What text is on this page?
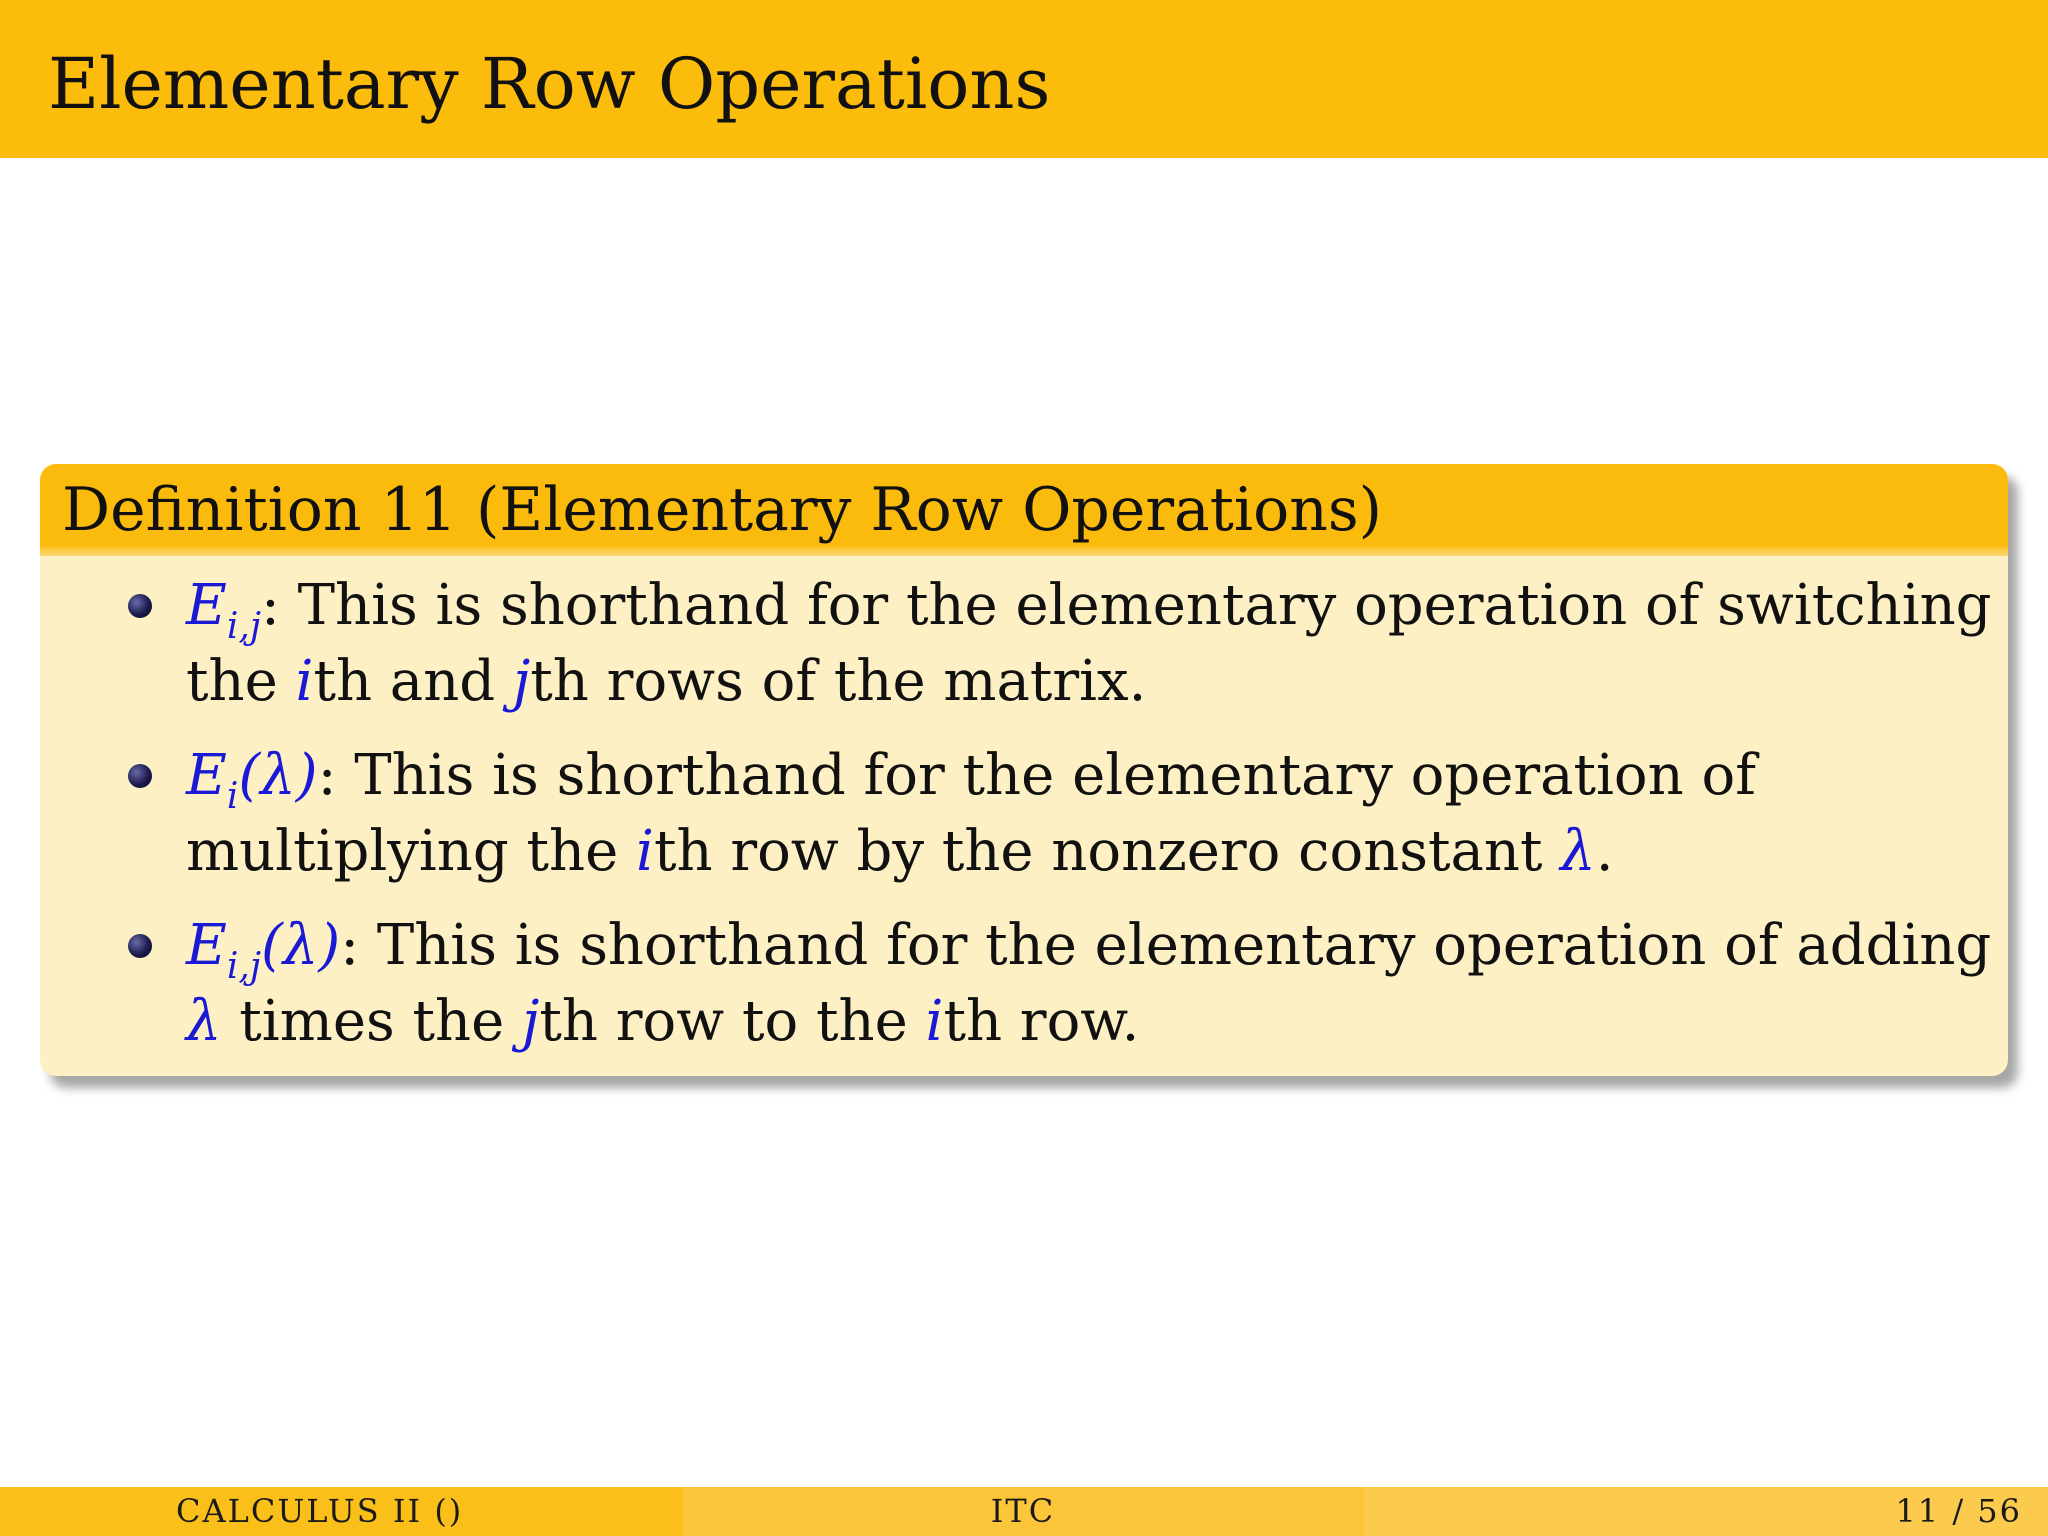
Elementary Row Operations
Definition 11 (Elementary Row Operations)
$E_{i,j}$: This is shorthand for the elementary operation of switching
the ith and jth rows of the matrix.
$E_i(\lambda)$: This is shorthand for the elementary operation of
multiplying the ith row by the nonzero constant λ.
$E_{i,j}(\lambda)$: This is shorthand for the elementary operation of adding
λ times the jth row to the ith row.
CALCULUS II ()	ITC	11 / 56
